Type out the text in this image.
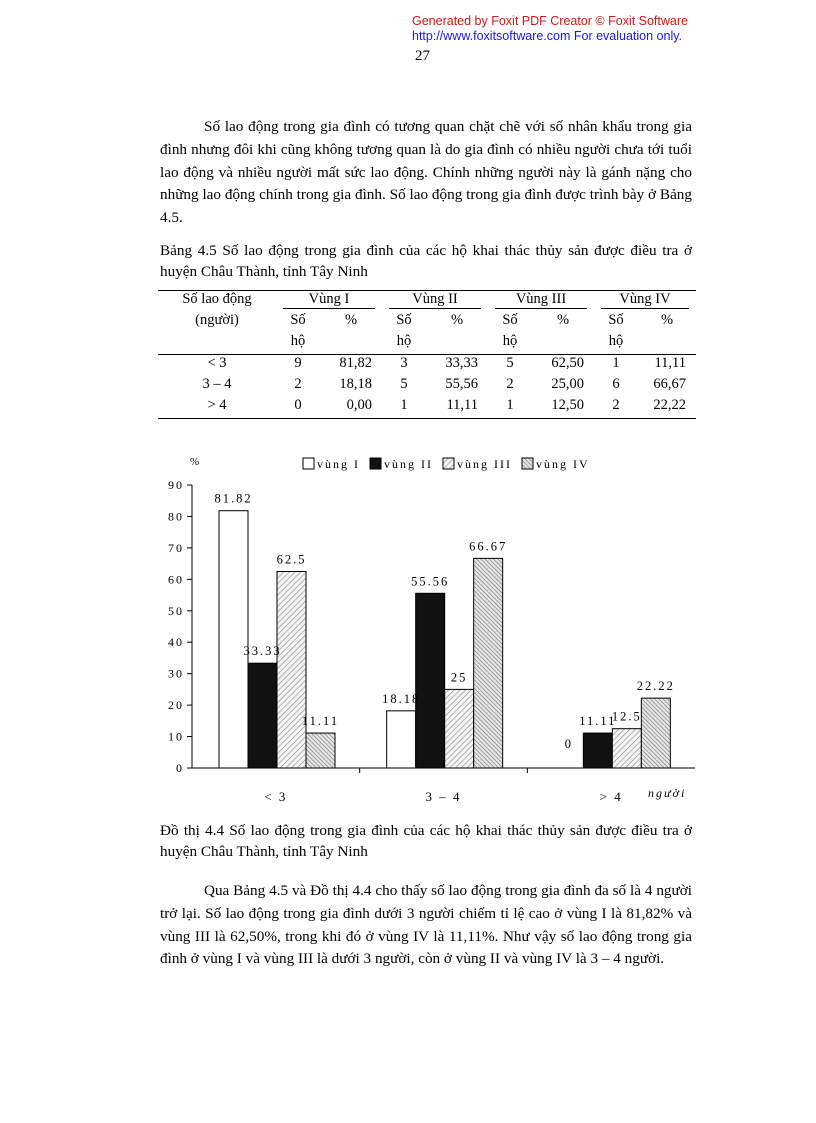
Generated by Foxit PDF Creator © Foxit Software
http://www.foxitsoftware.com For evaluation only.
27

Số lao động trong gia đình có tương quan chặt chẽ với số nhân khẩu trong gia đình nhưng đôi khi cũng không tương quan là do gia đình có nhiều người chưa tới tuổi lao động và nhiều người mất sức lao động. Chính những người này là gánh nặng cho những lao động chính trong gia đình. Số lao động trong gia đình được trình bày ở Bảng 4.5.

Bảng 4.5 Số lao động trong gia đình của các hộ khai thác thủy sản được điều tra ở huyện Châu Thành, tỉnh Tây Ninh

Số lao động	Vùng I		Vùng II		Vùng III		Vùng IV	
(người)	Số	%	Số	%	Số	%	Số	%
	hộ		hộ		hộ		hộ	
< 3	9	81,82	3	33,33	5	62,50	1	11,11
3 – 4	2	18,18	5	55,56	2	25,00	6	66,67
> 4	0	0,00	1	11,11	1	12,50	2	22,22
vùng I vùng II vùng III vùng IV
0
10
20
30
40
50
60
70
80
90
%
người
< 3	3 – 4	> 4
81.82
18.18
0
33.33
55.56
11.11
62.5
25
12.5
11.11
66.67
22.22

Đồ thị 4.4 Số lao động trong gia đình của các hộ khai thác thủy sản được điều tra ở huyện Châu Thành, tỉnh Tây Ninh

Qua Bảng 4.5 và Đồ thị 4.4 cho thấy số lao động trong gia đình đa số là 4 người trở lại. Số lao động trong gia đình dưới 3 người chiếm tỉ lệ cao ở vùng I là 81,82% và vùng III là 62,50%, trong khi đó ở vùng IV là 11,11%. Như vậy số lao động trong gia đình ở vùng I và vùng III là dưới 3 người, còn ở vùng II và vùng IV là 3 – 4 người.
